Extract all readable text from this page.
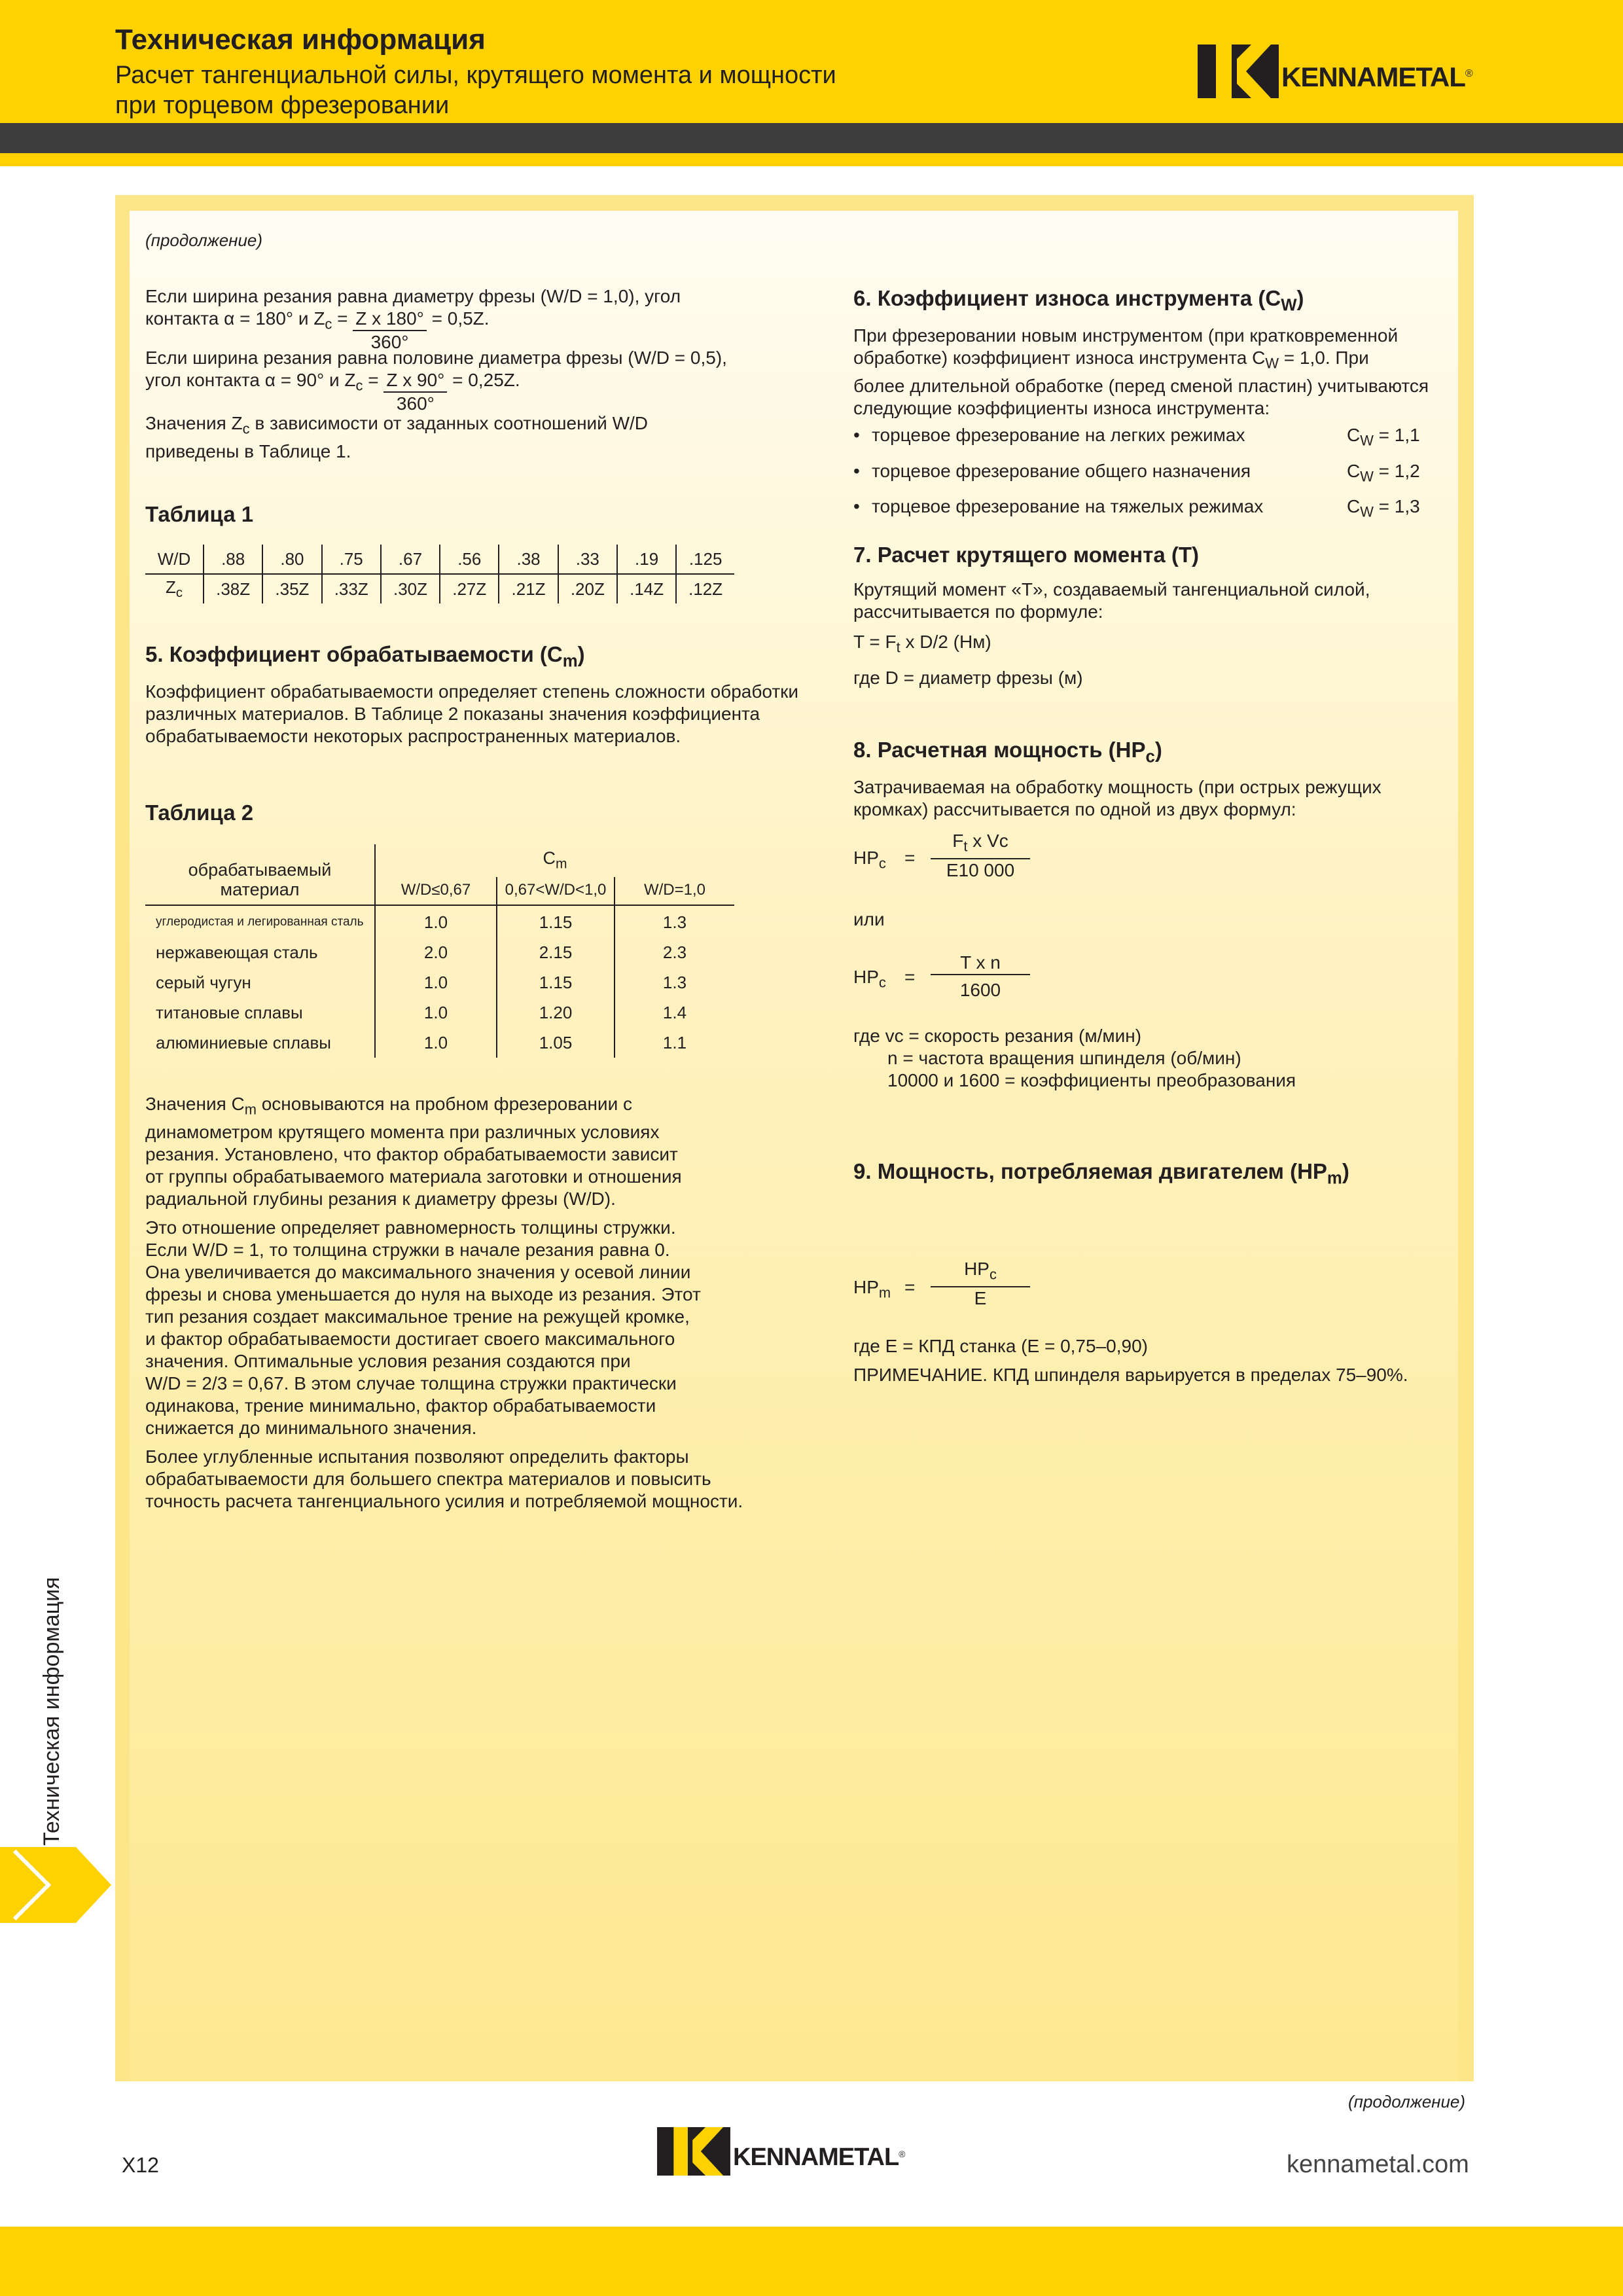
Техническая информация
Расчет тангенциальной силы, крутящего момента и мощности
при торцевом фрезеровании
KENNAMETAL ®
(продолжение)
Если ширина резания равна диаметру фрезы (W/D = 1,0), угол
контакта α = 180° и $Z_c = \frac{\text{Z x 180°}}{360^\circ} = 0,5Z$.
Если ширина резания равна половине диаметра фрезы (W/D = 0,5),
угол контакта α = 90° и $Z_c = \frac{\text{Z x 90°}}{360^\circ} = 0,25Z$.
Значения $Z_c$ в зависимости от заданных соотношений W/D
приведены в Таблице 1.
Таблица 1
W/D	.88	.80	.75	.67	.56	.38	.33	.19	.125
$Z_c$	.38Z	.35Z	.33Z	.30Z	.27Z	.21Z	.20Z	.14Z	.12Z
5. Коэффициент обрабатываемости $(C_m)$
Коэффициент обрабатываемости определяет степень сложности обработки
различных материалов. В Таблице 2 показаны значения коэффициента
обрабатываемости некоторых распространенных материалов.
Таблица 2
обрабатываемый
материал
$C_m$
W/D≤0,67	0,67<W/D<1,0	W/D=1,0
углеродистая и легированная сталь	1.0	1.15	1.3
нержавеющая сталь	2.0	2.15	2.3
серый чугун	1.0	1.15	1.3
титановые сплавы	1.0	1.20	1.4
алюминиевые сплавы	1.0	1.05	1.1
Значения $C_m$ основываются на пробном фрезеровании с
динамометром крутящего момента при различных условиях
резания. Установлено, что фактор обрабатываемости зависит
от группы обрабатываемого материала заготовки и отношения
радиальной глубины резания к диаметру фрезы (W/D).
Это отношение определяет равномерность толщины стружки.
Если W/D = 1, то толщина стружки в начале резания равна 0.
Она увеличивается до максимального значения у осевой линии
фрезы и снова уменьшается до нуля на выходе из резания. Этот
тип резания создает максимальное трение на режущей кромке,
и фактор обрабатываемости достигает своего максимального
значения. Оптимальные условия резания создаются при
W/D = 2/3 = 0,67. В этом случае толщина стружки практически
одинакова, трение минимально, фактор обрабатываемости
снижается до минимального значения.
Более углубленные испытания позволяют определить факторы
обрабатываемости для большего спектра материалов и повысить
точность расчета тангенциального усилия и потребляемой мощности.
6. Коэффициент износа инструмента $(C_W)$
При фрезеровании новым инструментом (при кратковременной
обработке) коэффициент износа инструмента $C_W = 1,0$. При
более длительной обработке (перед сменой пластин) учитываются
следующие коэффициенты износа инструмента:
• торцевое фрезерование на легких режимах	$C_W = 1,1$
• торцевое фрезерование общего назначения	$C_W = 1,2$
• торцевое фрезерование на тяжелых режимах	$C_W = 1,3$
7. Расчет крутящего момента (T)
Крутящий момент «T», создаваемый тангенциальной силой,
рассчитывается по формуле:
$T = F_t$ x D/2 (Нм)
где D = диаметр фрезы (м)
8. Расчетная мощность $(HP_c)$
Затрачиваемая на обработку мощность (при острых режущих
кромках) рассчитывается по одной из двух формул:
$HP_c = \frac{F_t x Vc}{E10 000}$
или
$HP_c = \frac{\text{T x n}}{1600}$
где vc = скорость резания (м/мин)
n = частота вращения шпинделя (об/мин)
10000 и 1600 = коэффициенты преобразования
9. Мощность, потребляемая двигателем $(HP_m)$
$HP_m$ =
$HP_c$
E
где E = КПД станка (E = 0,75–0,90)
ПРИМЕЧАНИЕ. КПД шпинделя варьируется в пределах 75–90%.
(продолжение)
Техническая информация
X12	KENNAMETAL ®	kennametal.com
